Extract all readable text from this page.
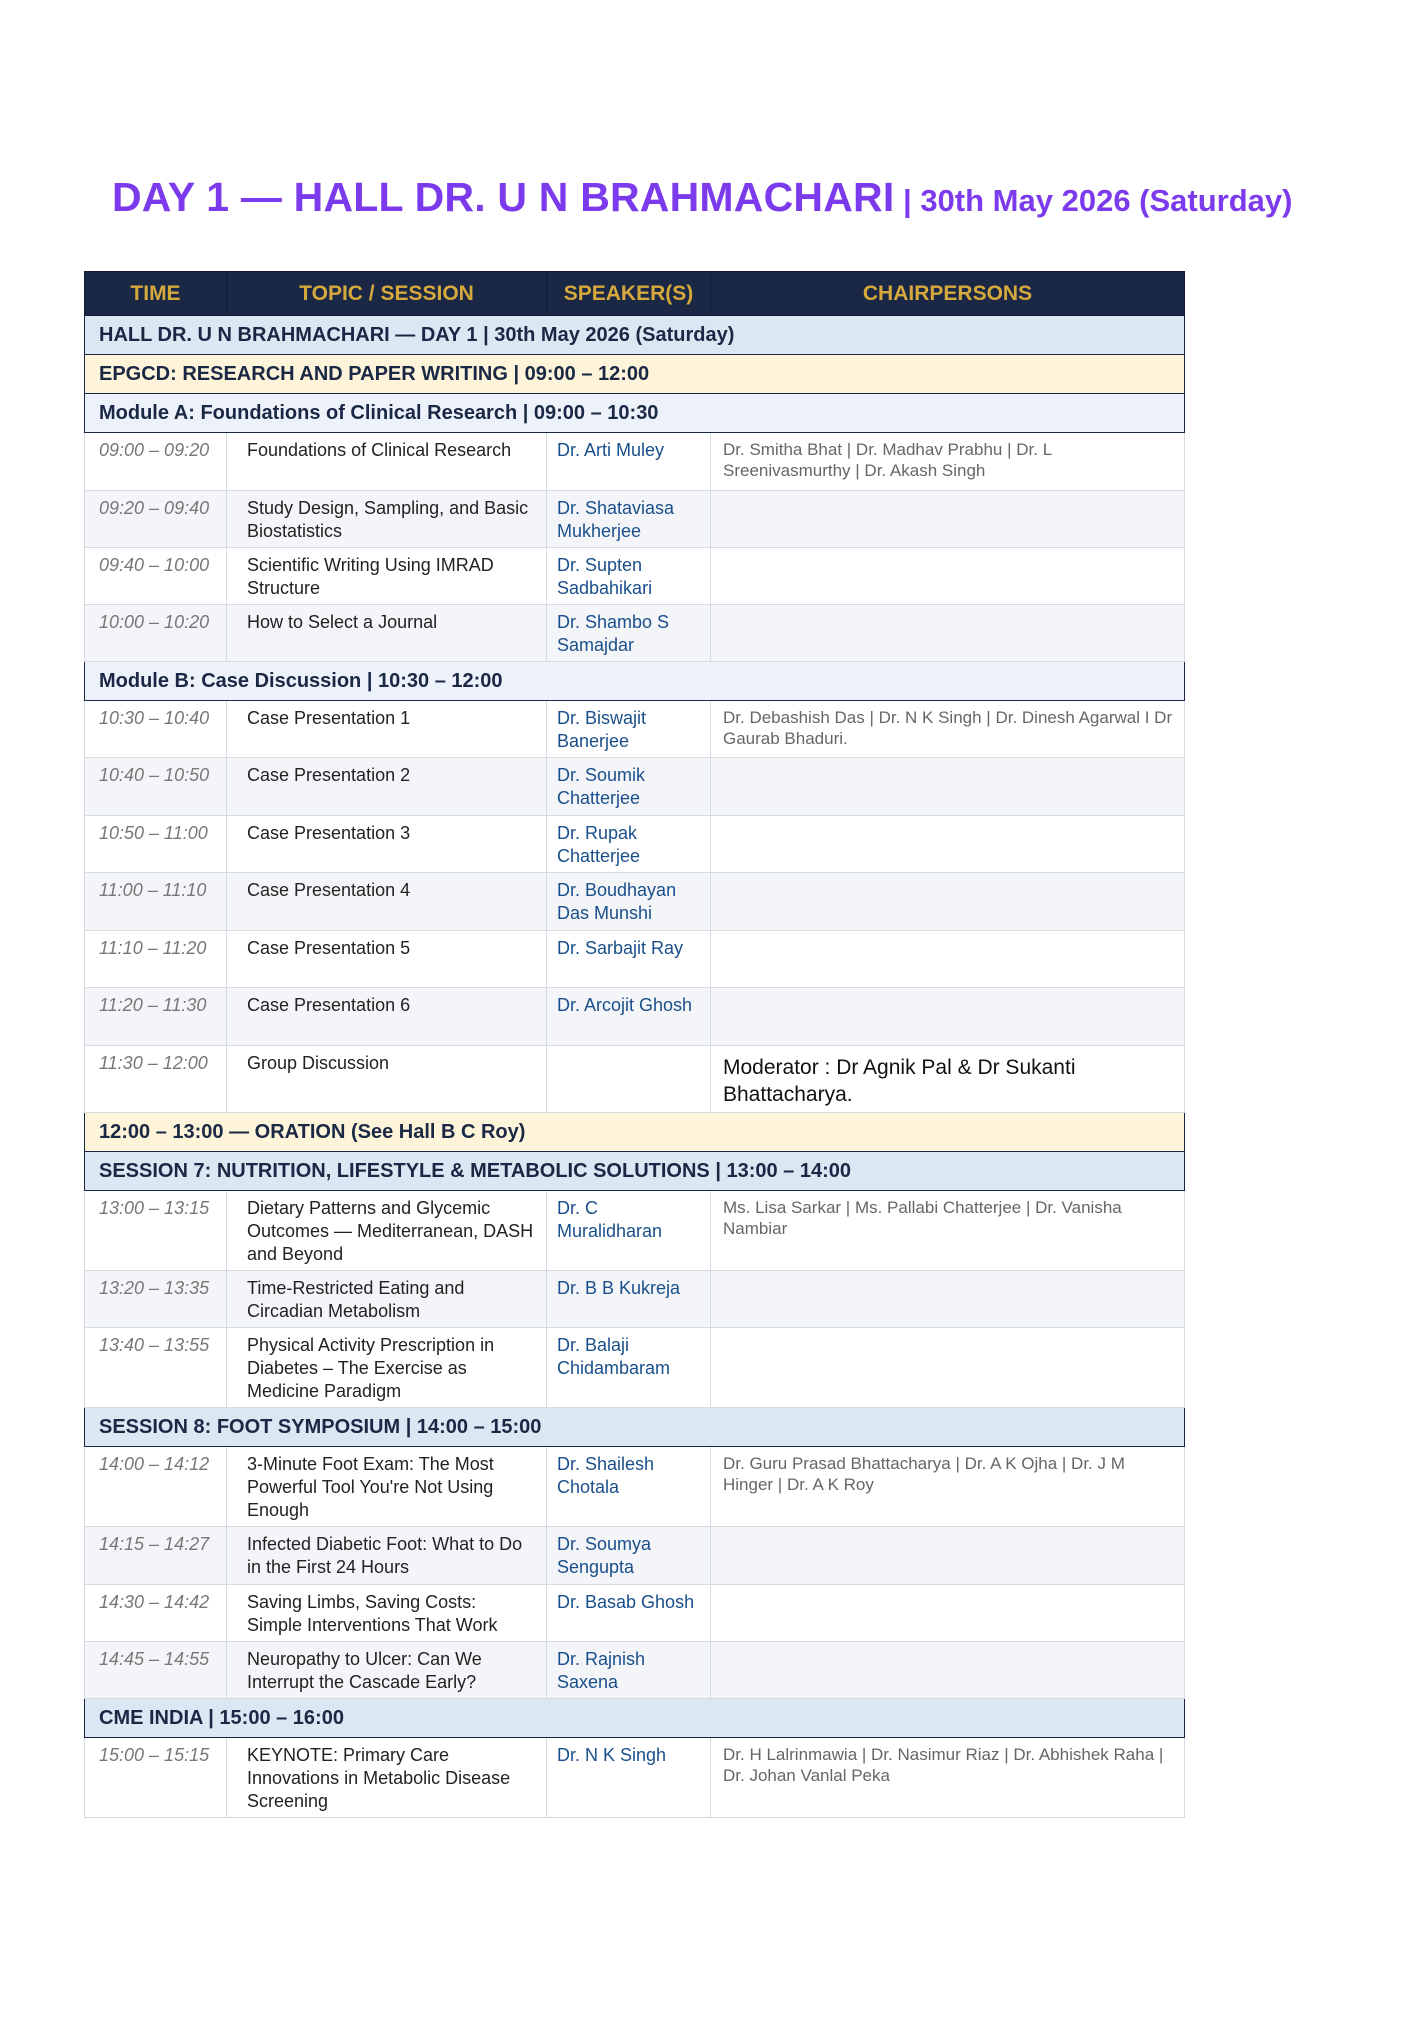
DAY 1 — HALL DR. U N BRAHMACHARI | 30th May 2026 (Saturday)
TIME	TOPIC / SESSION	SPEAKER(S)	CHAIRPERSONS
HALL DR. U N BRAHMACHARI — DAY 1 | 30th May 2026 (Saturday)			
EPGCD: RESEARCH AND PAPER WRITING | 09:00 – 12:00			
Module A: Foundations of Clinical Research | 09:00 – 10:30			
09:00 – 09:20	Foundations of Clinical Research	Dr. Arti Muley	Dr. Smitha Bhat | Dr. Madhav Prabhu | Dr. L Sreenivasmurthy | Dr. Akash Singh
09:20 – 09:40	Study Design, Sampling, and Basic Biostatistics	Dr. Shataviasa Mukherjee	
09:40 – 10:00	Scientific Writing Using IMRAD Structure	Dr. Supten Sadbahikari	
10:00 – 10:20	How to Select a Journal	Dr. Shambo S Samajdar	
Module B: Case Discussion | 10:30 – 12:00			
10:30 – 10:40	Case Presentation 1	Dr. Biswajit Banerjee	Dr. Debashish Das | Dr. N K Singh | Dr. Dinesh Agarwal I Dr Gaurab Bhaduri.
10:40 – 10:50	Case Presentation 2	Dr. Soumik Chatterjee	
10:50 – 11:00	Case Presentation 3	Dr. Rupak Chatterjee	
11:00 – 11:10	Case Presentation 4	Dr. Boudhayan Das Munshi	
11:10 – 11:20	Case Presentation 5	Dr. Sarbajit Ray	
11:20 – 11:30	Case Presentation 6	Dr. Arcojit Ghosh	
11:30 – 12:00	Group Discussion		Moderator : Dr Agnik Pal & Dr Sukanti Bhattacharya.
12:00 – 13:00 — ORATION (See Hall B C Roy)			
SESSION 7: NUTRITION, LIFESTYLE & METABOLIC SOLUTIONS | 13:00 – 14:00			
13:00 – 13:15	Dietary Patterns and Glycemic Outcomes — Mediterranean, DASH and Beyond	Dr. C Muralidharan	Ms. Lisa Sarkar | Ms. Pallabi Chatterjee | Dr. Vanisha Nambiar
13:20 – 13:35	Time-Restricted Eating and Circadian Metabolism	Dr. B B Kukreja	
13:40 – 13:55	Physical Activity Prescription in Diabetes – The Exercise as Medicine Paradigm	Dr. Balaji Chidambaram	
SESSION 8: FOOT SYMPOSIUM | 14:00 – 15:00			
14:00 – 14:12	3-Minute Foot Exam: The Most Powerful Tool You're Not Using Enough	Dr. Shailesh Chotala	Dr. Guru Prasad Bhattacharya | Dr. A K Ojha | Dr. J M Hinger | Dr. A K Roy
14:15 – 14:27	Infected Diabetic Foot: What to Do in the First 24 Hours	Dr. Soumya Sengupta	
14:30 – 14:42	Saving Limbs, Saving Costs: Simple Interventions That Work	Dr. Basab Ghosh	
14:45 – 14:55	Neuropathy to Ulcer: Can We Interrupt the Cascade Early?	Dr. Rajnish Saxena	
CME INDIA | 15:00 – 16:00			
15:00 – 15:15	KEYNOTE: Primary Care Innovations in Metabolic Disease Screening	Dr. N K Singh	Dr. H Lalrinmawia | Dr. Nasimur Riaz | Dr. Abhishek Raha | Dr. Johan Vanlal Peka
